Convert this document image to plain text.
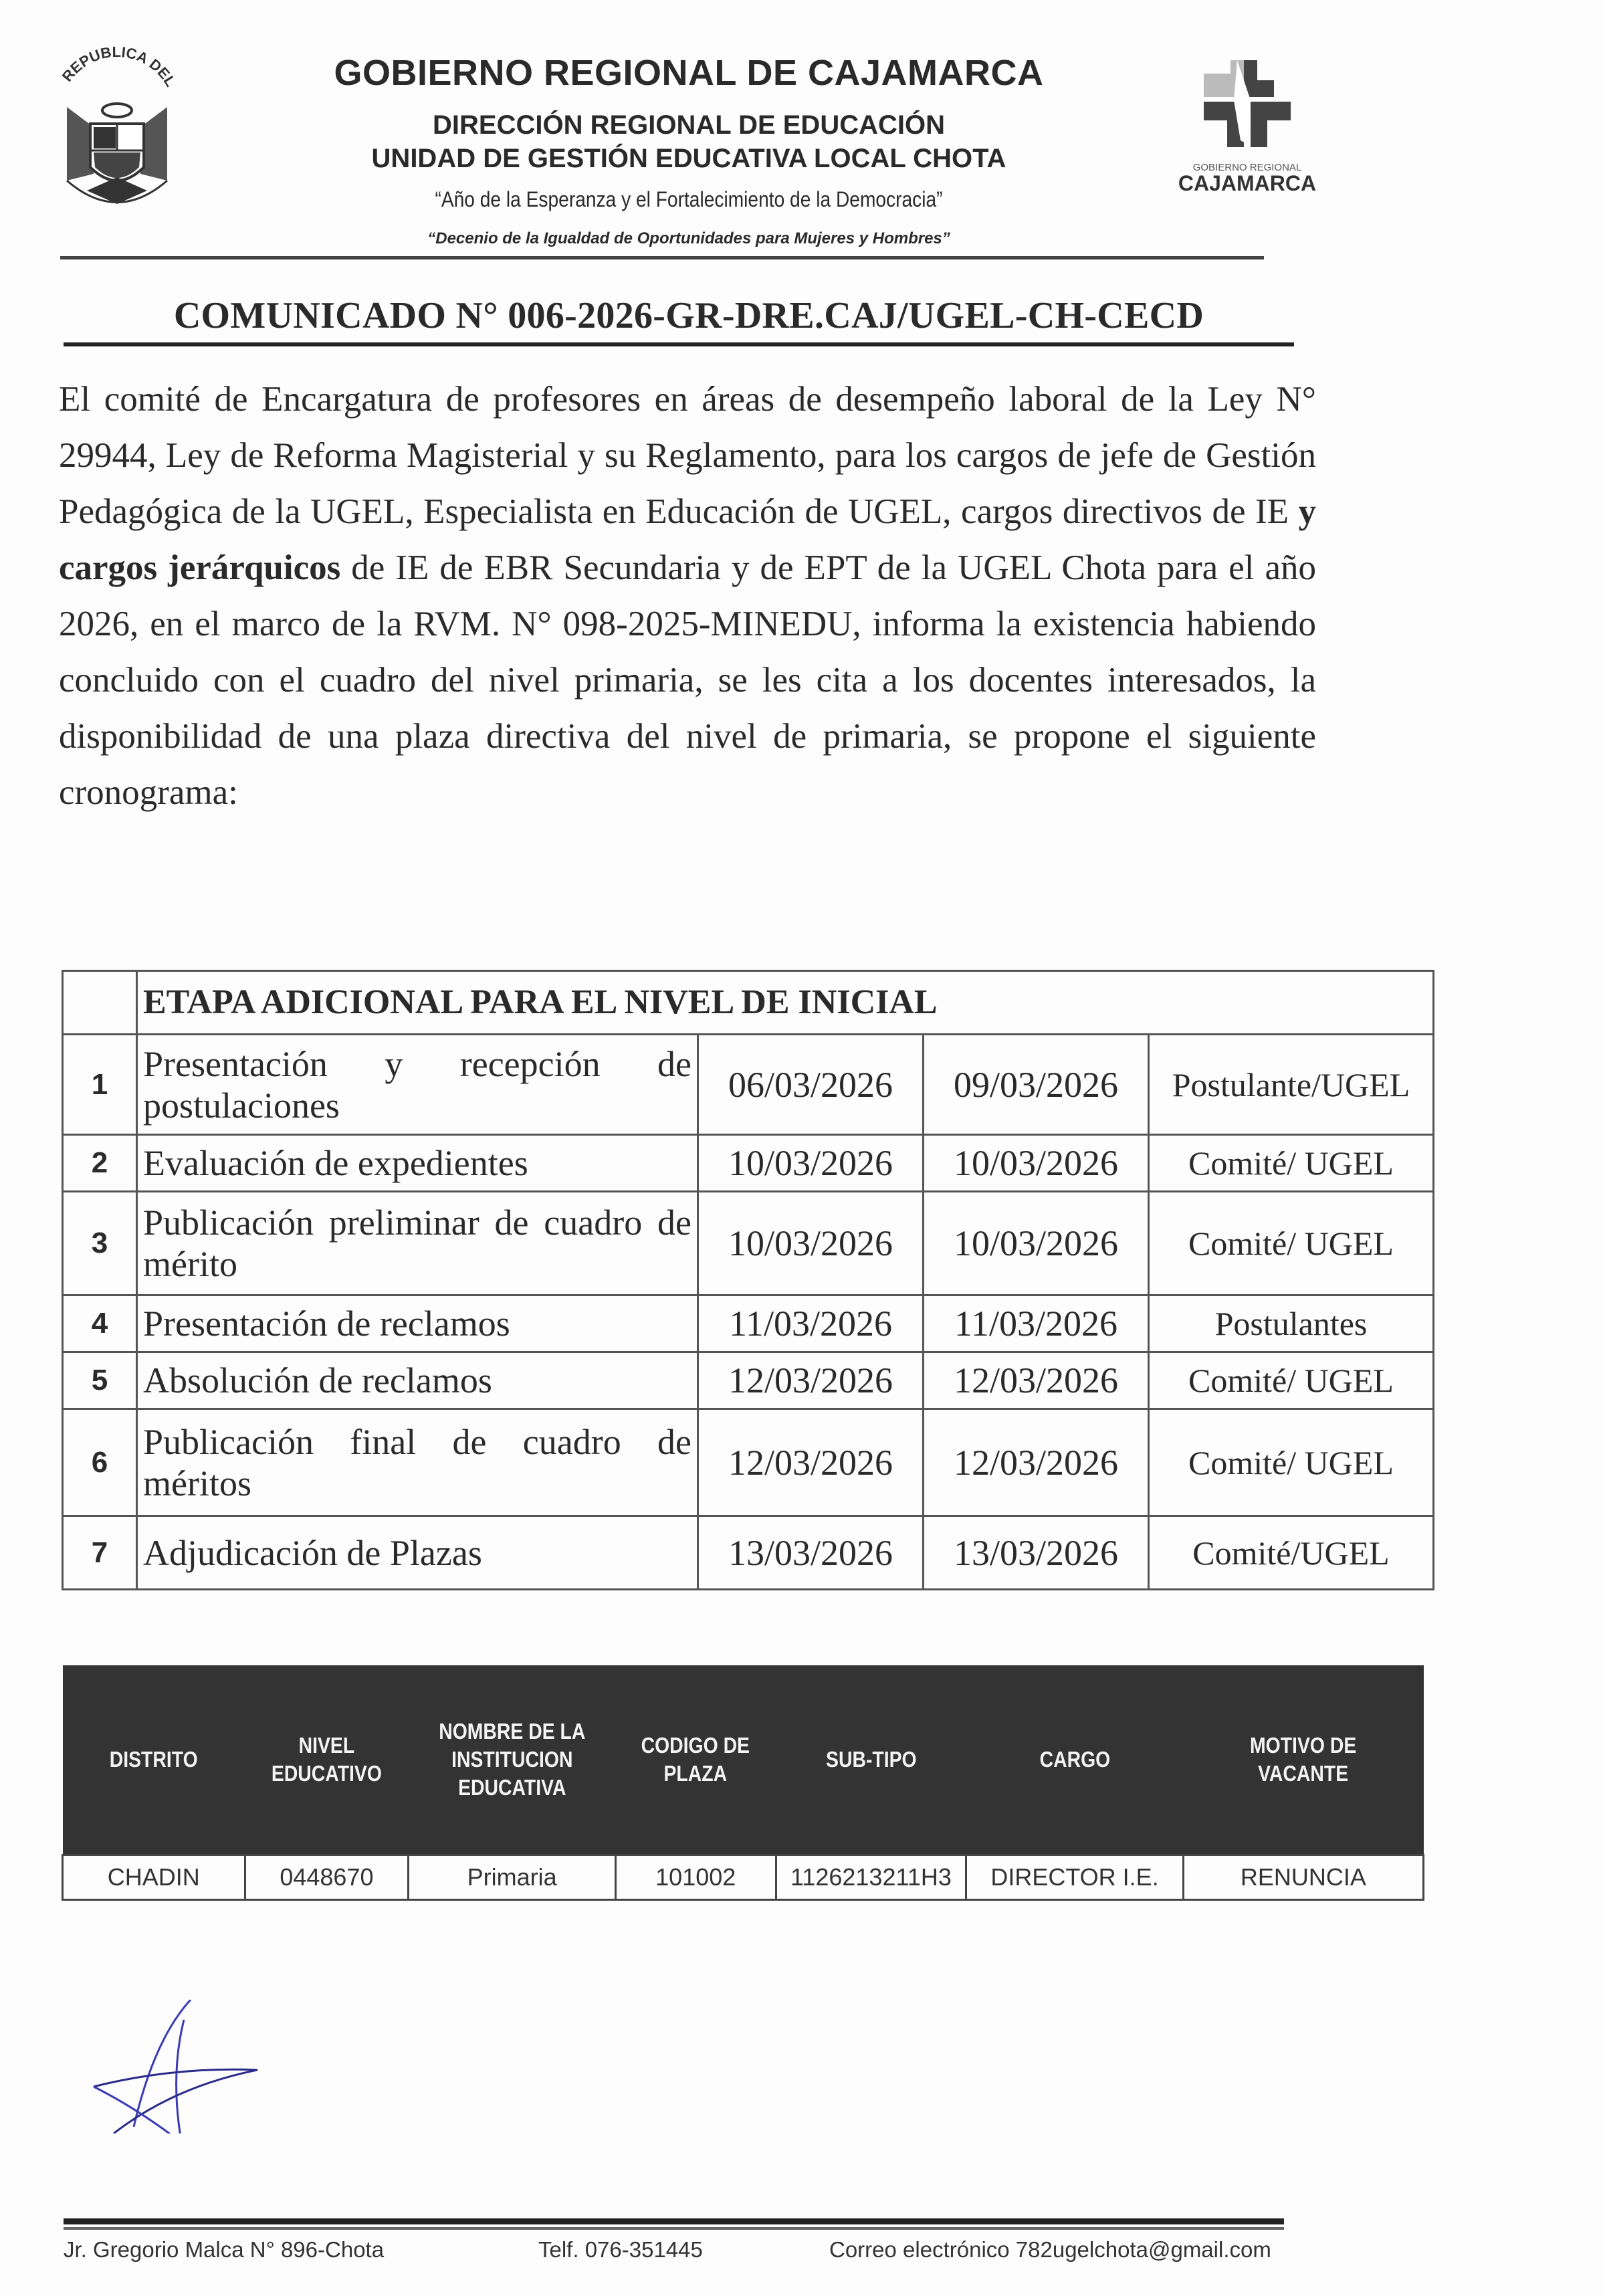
REPUBLICA DEL	GOBIERNO REGIONAL DE CAJAMARCA
DIRECCIÓN REGIONAL DE EDUCACIÓN
UNIDAD DE GESTIÓN EDUCATIVA LOCAL CHOTA
“Año de la Esperanza y el Fortalecimiento de la Democracia”
“Decenio de la Igualdad de Oportunidades para Mujeres y Hombres”
GOBIERNO REGIONAL
CAJAMARCA
COMUNICADO N° 006-2026-GR-DRE.CAJ/UGEL-CH-CECD
El comité de Encargatura de profesores en áreas de desempeño laboral de la Ley N° 29944, Ley de Reforma Magisterial y su Reglamento, para los cargos de jefe de Gestión Pedagógica de la UGEL, Especialista en Educación de UGEL, cargos directivos de IE y cargos jerárquicos de IE de EBR Secundaria y de EPT de la UGEL Chota para el año 2026, en el marco de la RVM. N° 098-2025-MINEDU, informa la existencia habiendo concluido con el cuadro del nivel primaria, se les cita a los docentes interesados, la disponibilidad de una plaza directiva del nivel de primaria, se propone el siguiente cronograma:
	ETAPA ADICIONAL PARA EL NIVEL DE INICIAL			
1	Presentación y recepción de postulaciones	06/03/2026	09/03/2026	Postulante/UGEL
2	Evaluación de expedientes	10/03/2026	10/03/2026	Comité/ UGEL
3	Publicación preliminar de cuadro de mérito	10/03/2026	10/03/2026	Comité/ UGEL
4	Presentación de reclamos	11/03/2026	11/03/2026	Postulantes
5	Absolución de reclamos	12/03/2026	12/03/2026	Comité/ UGEL
6	Publicación final de cuadro de méritos	12/03/2026	12/03/2026	Comité/ UGEL
7	Adjudicación de Plazas	13/03/2026	13/03/2026	Comité/UGEL
DISTRITO	NIVEL EDUCATIVO	NOMBRE DE LA INSTITUCION EDUCATIVA	CODIGO DE PLAZA	SUB-TIPO	CARGO	MOTIVO DE VACANTE
CHADIN	0448670	Primaria	101002	1126213211H3	DIRECTOR I.E.	RENUNCIA
Jr. Gregorio Malca N° 896-Chota	Telf. 076-351445	Correo electrónico 782ugelchota@gmail.com
